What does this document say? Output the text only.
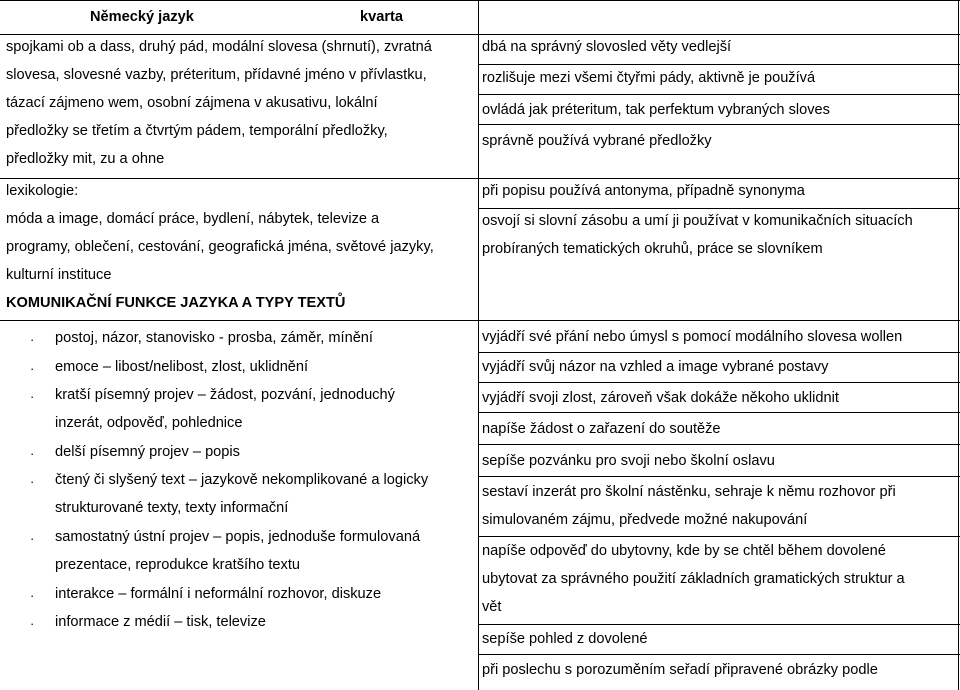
Německý jazyk	kvarta
spojkami ob a dass, druhý pád, modální slovesa (shrnutí), zvratná
slovesa, slovesné vazby, préteritum, přídavné jméno v přívlastku,
tázací zájmeno wem, osobní zájmena v akusativu, lokální
předložky se třetím a čtvrtým pádem, temporální předložky,
předložky mit, zu a ohne
dbá na správný slovosled věty vedlejší
rozlišuje mezi všemi čtyřmi pády, aktivně je používá
ovládá jak préteritum, tak perfektum vybraných sloves
správně používá vybrané předložky
lexikologie:
móda a image, domácí práce, bydlení, nábytek, televize a
programy, oblečení, cestování, geografická jména, světové jazyky,
kulturní instituce
při popisu používá antonyma, případně synonyma
osvojí si slovní zásobu a umí ji používat v komunikačních situacích
probíraných tematických okruhů, práce se slovníkem
KOMUNIKAČNÍ FUNKCE JAZYKA A TYPY TEXTŮ
· postoj, názor, stanovisko - prosba, záměr, mínění
· emoce – libost/nelibost, zlost, uklidnění
· kratší písemný projev – žádost, pozvání, jednoduchý
inzerát, odpověď, pohlednice
· delší písemný projev – popis
· čtený či slyšený text – jazykově nekomplikované a logicky
strukturované texty, texty informační
· samostatný ústní projev – popis, jednoduše formulovaná
prezentace, reprodukce kratšího textu
· interakce – formální i neformální rozhovor, diskuze
· informace z médií – tisk, televize
vyjádří své přání nebo úmysl s pomocí modálního slovesa wollen
vyjádří svůj názor na vzhled a image vybrané postavy
vyjádří svoji zlost, zároveň však dokáže někoho uklidnit
napíše žádost o zařazení do soutěže
sepíše pozvánku pro svoji nebo školní oslavu
sestaví inzerát pro školní nástěnku, sehraje k němu rozhovor při
simulovaném zájmu, předvede možné nakupování
napíše odpověď do ubytovny, kde by se chtěl během dovolené
ubytovat za správného použití základních gramatických struktur a
vět
sepíše pohled z dovolené
při poslechu s porozuměním seřadí připravené obrázky podle
